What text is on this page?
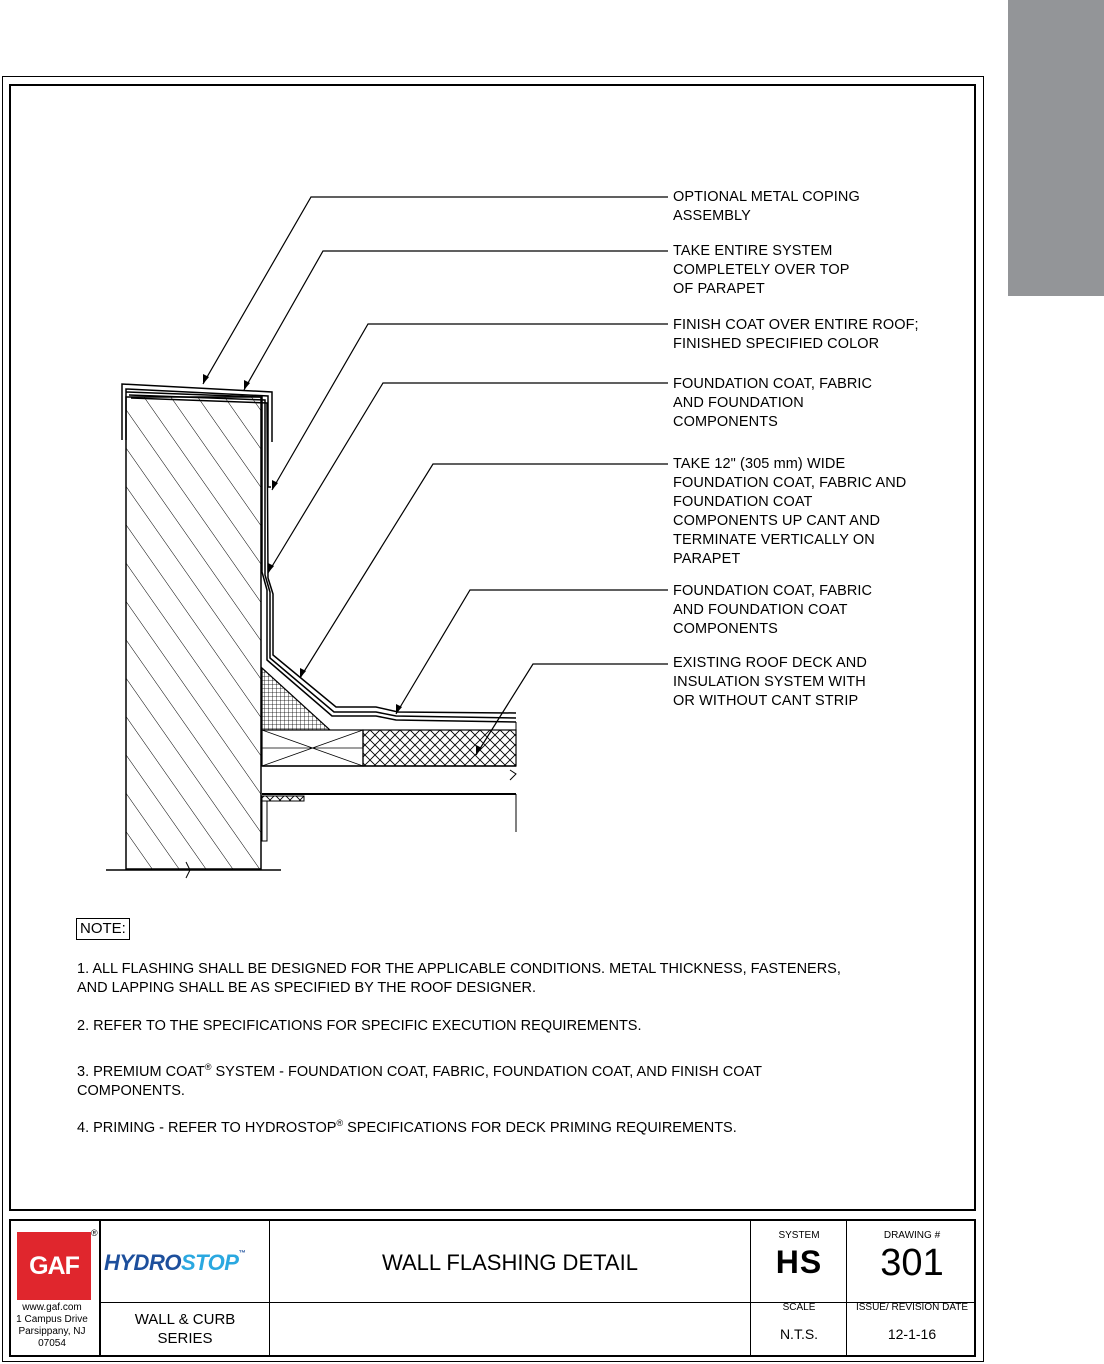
OPTIONAL METAL COPING
ASSEMBLY
TAKE ENTIRE SYSTEM
COMPLETELY OVER TOP
OF PARAPET
FINISH COAT OVER ENTIRE ROOF;
FINISHED SPECIFIED COLOR
FOUNDATION COAT, FABRIC
AND FOUNDATION
COMPONENTS
TAKE 12" (305 mm) WIDE
FOUNDATION COAT, FABRIC AND
FOUNDATION COAT
COMPONENTS UP CANT AND
TERMINATE VERTICALLY ON
PARAPET
FOUNDATION COAT, FABRIC
AND FOUNDATION COAT
COMPONENTS
EXISTING ROOF DECK AND
INSULATION SYSTEM WITH
OR WITHOUT CANT STRIP
NOTE:
1. ALL FLASHING SHALL BE DESIGNED FOR THE APPLICABLE CONDITIONS. METAL THICKNESS, FASTENERS, AND LAPPING SHALL BE AS SPECIFIED BY THE ROOF DESIGNER.
2. REFER TO THE SPECIFICATIONS FOR SPECIFIC EXECUTION REQUIREMENTS.
3. PREMIUM COAT® SYSTEM - FOUNDATION COAT, FABRIC, FOUNDATION COAT, AND FINISH COAT COMPONENTS.
4. PRIMING - REFER TO HYDROSTOP® SPECIFICATIONS FOR DECK PRIMING REQUIREMENTS.
GAF
®
www.gaf.com
1 Campus Drive
Parsippany, NJ
07054
HYDROSTOP™
WALL & CURB
SERIES
WALL FLASHING DETAIL
SYSTEM
HS
DRAWING #
301
SCALE
N.T.S.
ISSUE/ REVISION DATE
12-1-16
